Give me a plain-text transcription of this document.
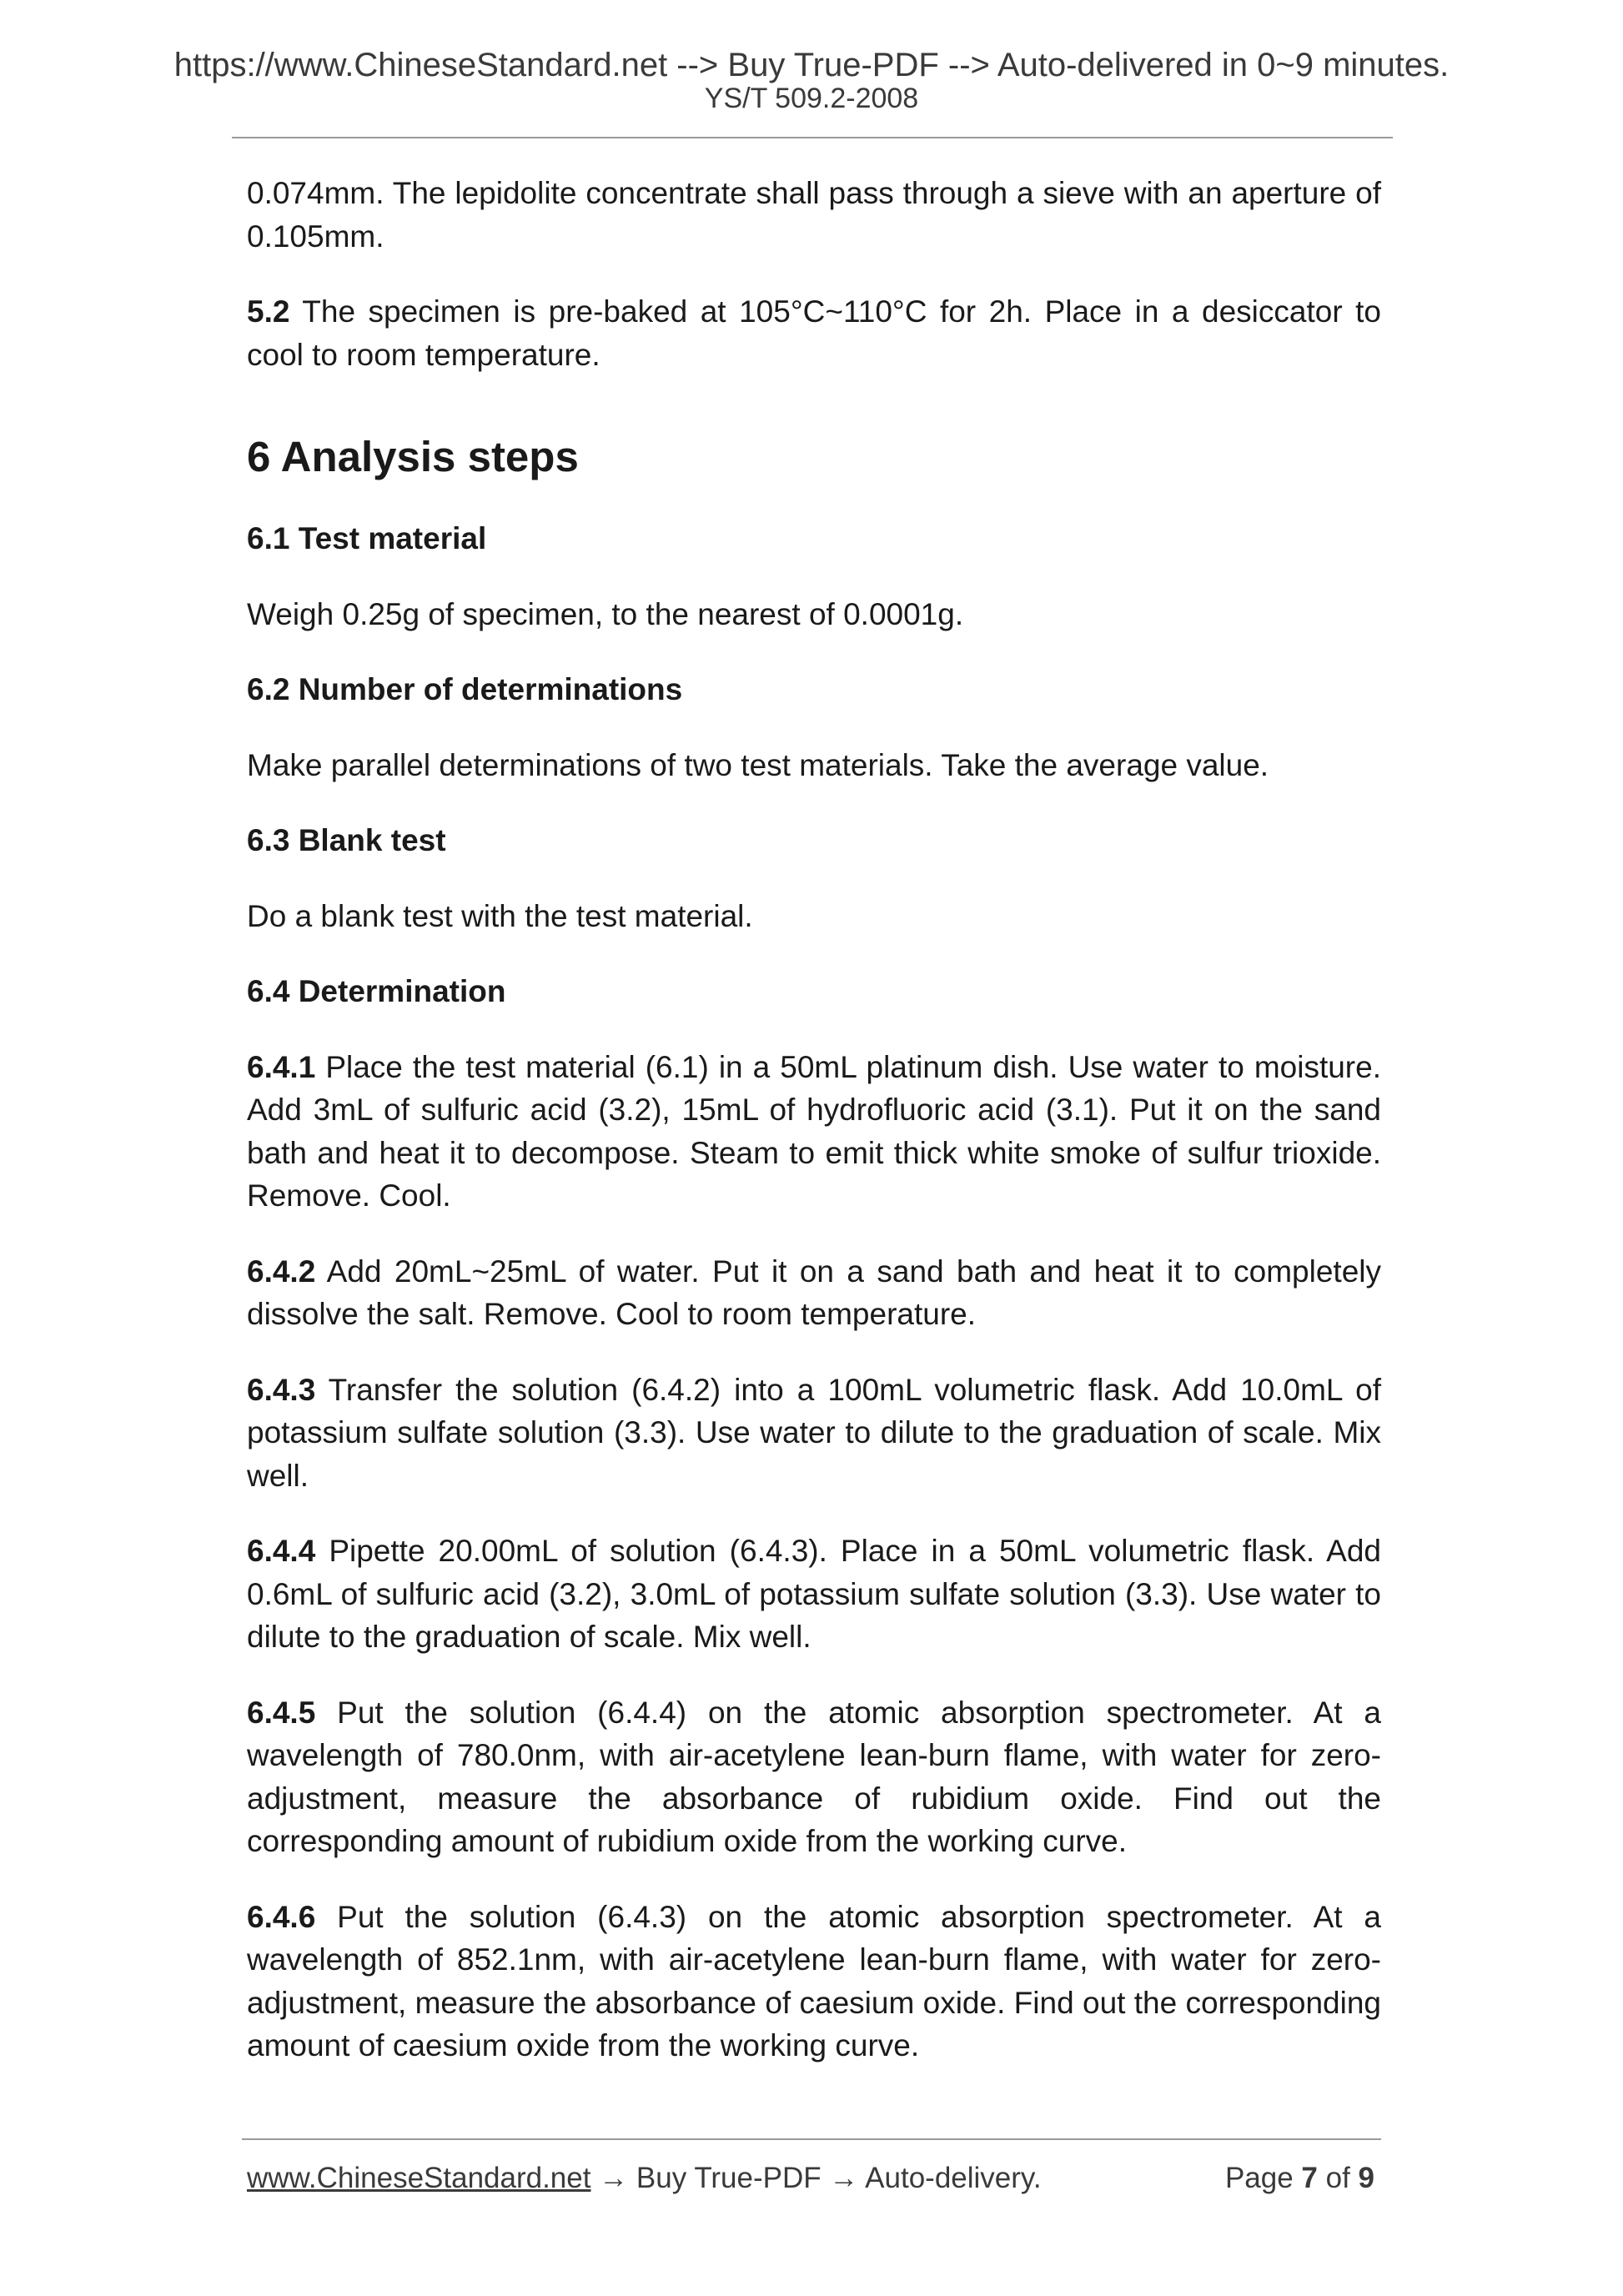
https://www.ChineseStandard.net --> Buy True-PDF --> Auto-delivered in 0~9 minutes.
YS/T 509.2-2008

0.074mm. The lepidolite concentrate shall pass through a sieve with an aperture of 0.105mm.

5.2 The specimen is pre-baked at 105°C~110°C for 2h. Place in a desiccator to cool to room temperature.

6 Analysis steps
6.1 Test material

Weigh 0.25g of specimen, to the nearest of 0.0001g.

6.2 Number of determinations

Make parallel determinations of two test materials. Take the average value.

6.3 Blank test

Do a blank test with the test material.

6.4 Determination

6.4.1 Place the test material (6.1) in a 50mL platinum dish. Use water to moisture. Add 3mL of sulfuric acid (3.2), 15mL of hydrofluoric acid (3.1). Put it on the sand bath and heat it to decompose. Steam to emit thick white smoke of sulfur trioxide. Remove. Cool.

6.4.2 Add 20mL~25mL of water. Put it on a sand bath and heat it to completely dissolve the salt. Remove. Cool to room temperature.

6.4.3 Transfer the solution (6.4.2) into a 100mL volumetric flask. Add 10.0mL of potassium sulfate solution (3.3). Use water to dilute to the graduation of scale. Mix well.

6.4.4 Pipette 20.00mL of solution (6.4.3). Place in a 50mL volumetric flask. Add 0.6mL of sulfuric acid (3.2), 3.0mL of potassium sulfate solution (3.3). Use water to dilute to the graduation of scale. Mix well.

6.4.5 Put the solution (6.4.4) on the atomic absorption spectrometer. At a wavelength of 780.0nm, with air-acetylene lean-burn flame, with water for zero-adjustment, measure the absorbance of rubidium oxide. Find out the corresponding amount of rubidium oxide from the working curve.

6.4.6 Put the solution (6.4.3) on the atomic absorption spectrometer. At a wavelength of 852.1nm, with air-acetylene lean-burn flame, with water for zero-adjustment, measure the absorbance of caesium oxide. Find out the corresponding amount of caesium oxide from the working curve.

www.ChineseStandard.net → Buy True-PDF → Auto-delivery.	Page 7 of 9
